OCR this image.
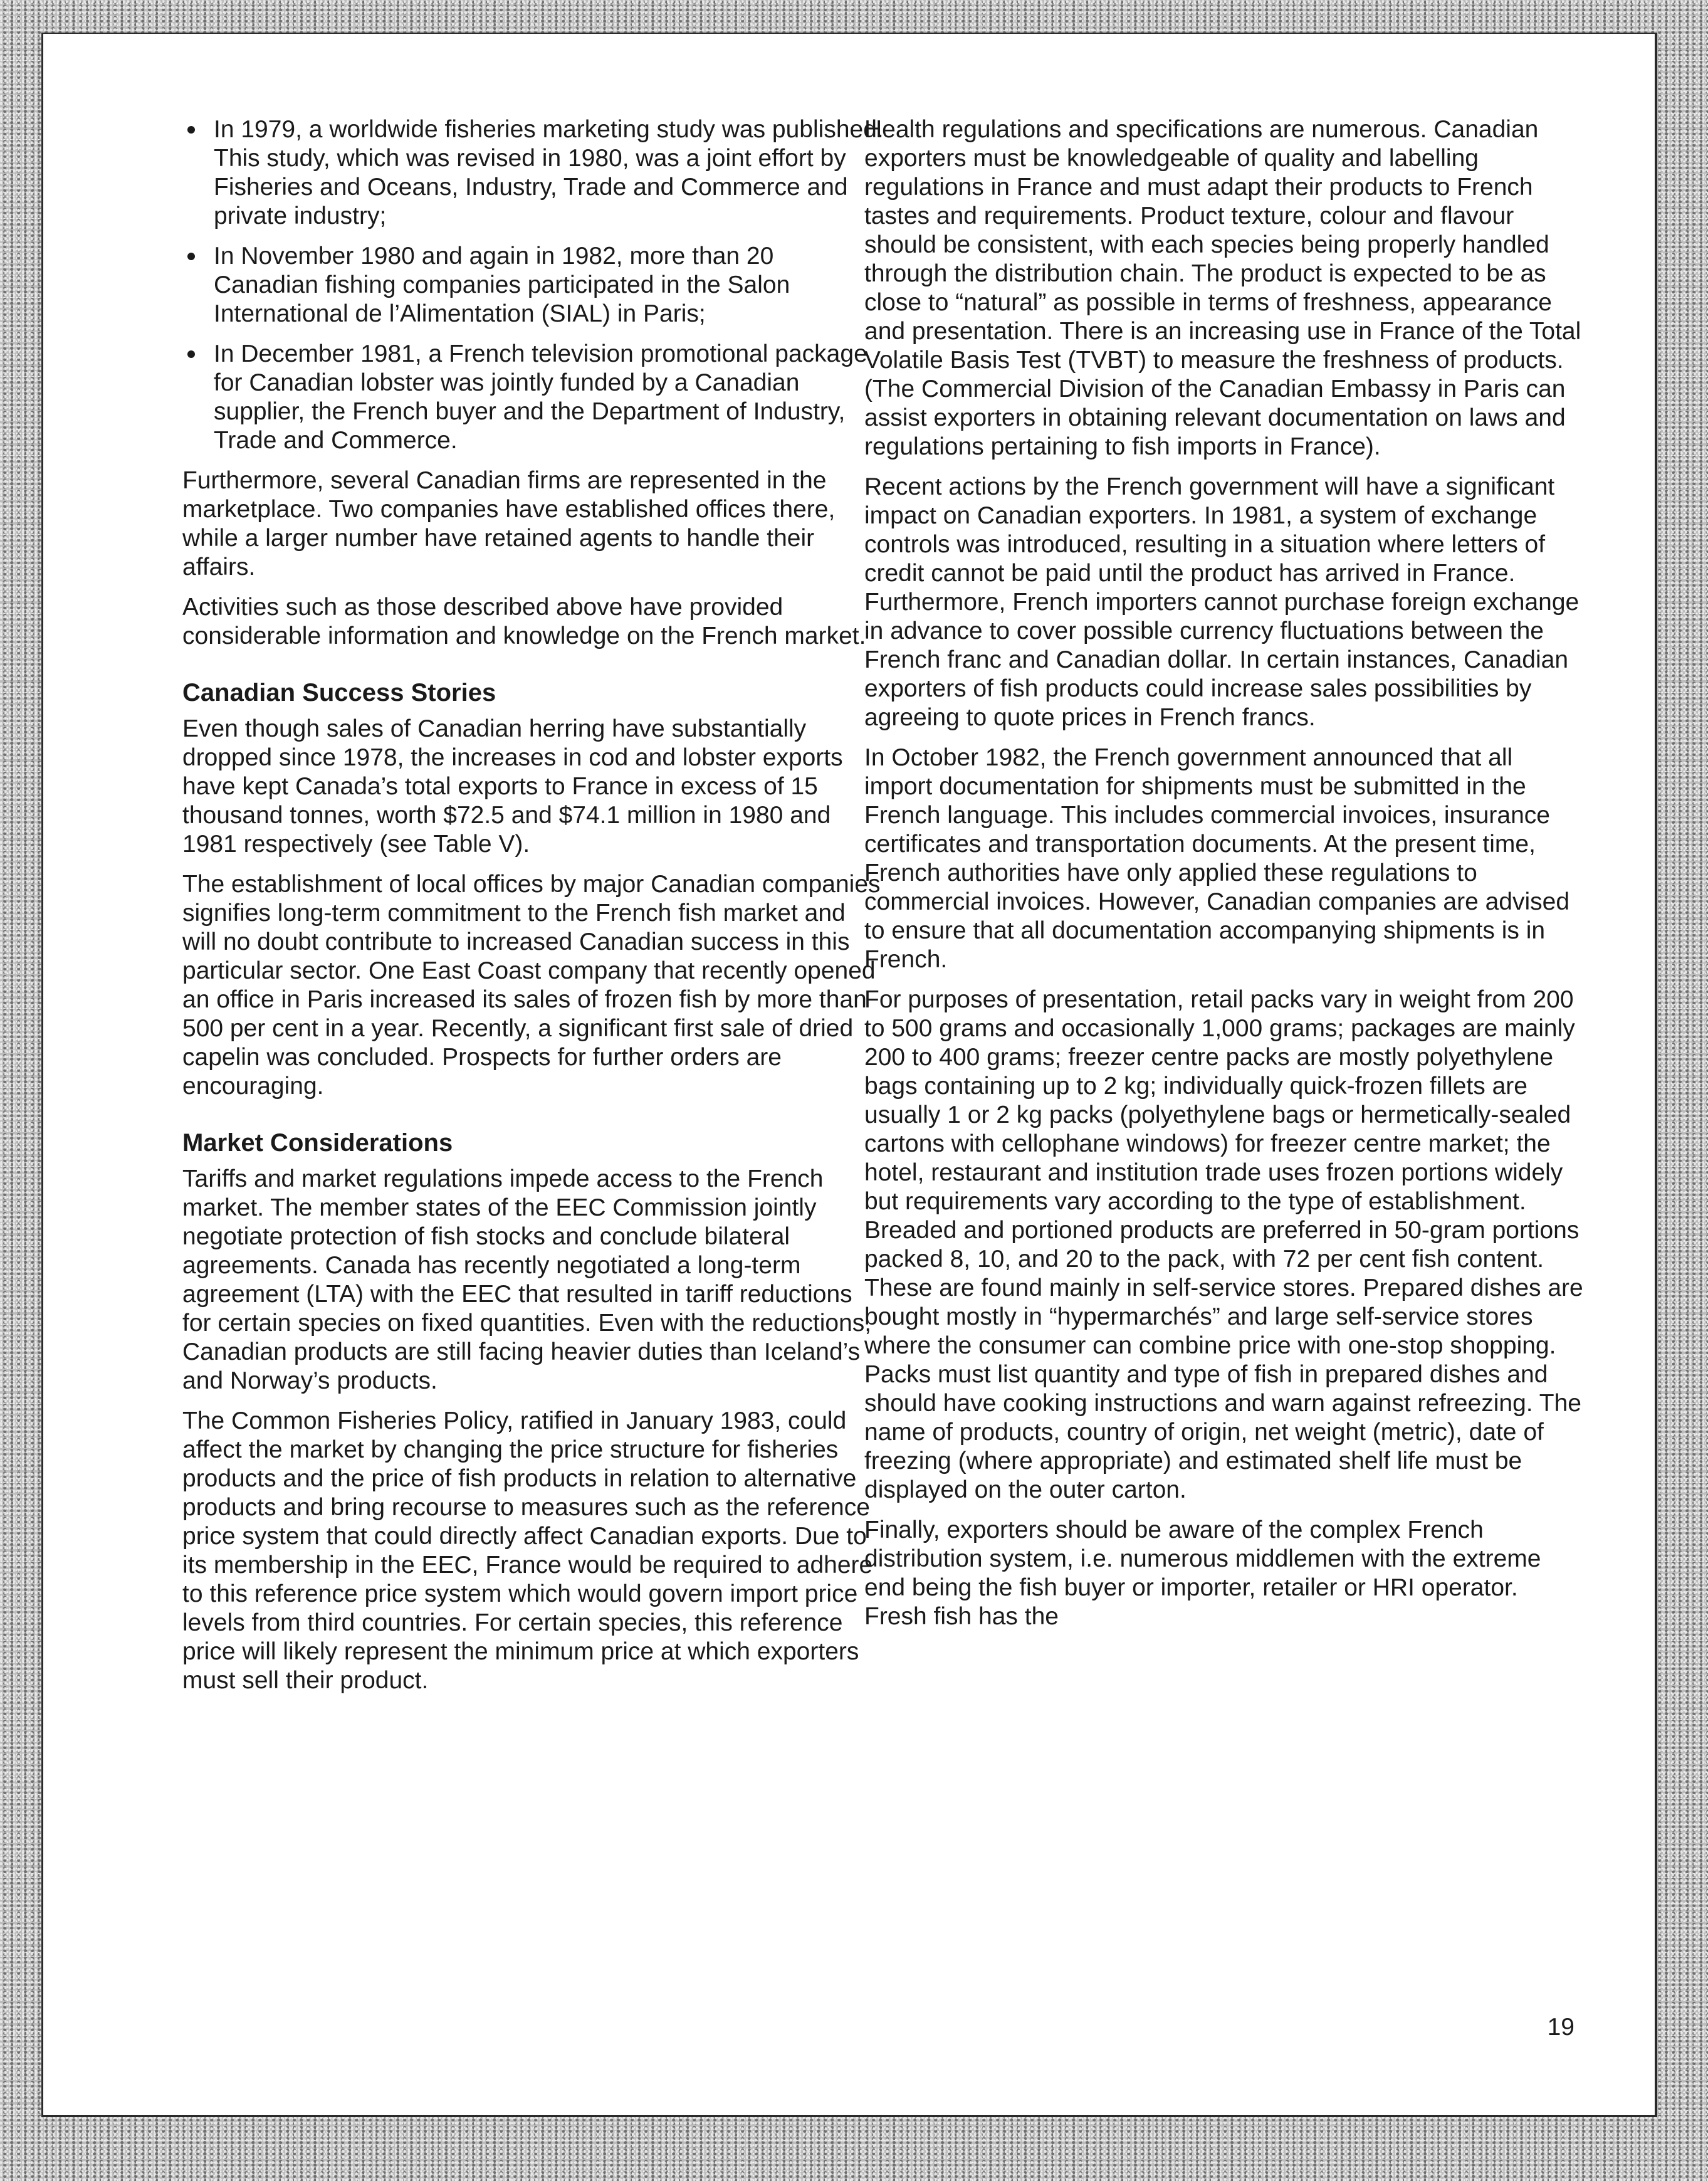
In 1979, a worldwide fisheries marketing study was published. This study, which was revised in 1980, was a joint effort by Fisheries and Oceans, Industry, Trade and Commerce and private industry;
In November 1980 and again in 1982, more than 20 Canadian fishing companies participated in the Salon International de l’Alimentation (SIAL) in Paris;
In December 1981, a French television promotional package for Canadian lobster was jointly funded by a Canadian supplier, the French buyer and the Department of Industry, Trade and Commerce.

Furthermore, several Canadian firms are represented in the marketplace. Two companies have established offices there, while a larger number have retained agents to handle their affairs.

Activities such as those described above have provided considerable information and knowledge on the French market.

Canadian Success Stories

Even though sales of Canadian herring have substantially dropped since 1978, the increases in cod and lobster exports have kept Canada’s total exports to France in excess of 15 thousand tonnes, worth $72.5 and $74.1 million in 1980 and 1981 respectively (see Table V).

The establishment of local offices by major Canadian companies signifies long-term commitment to the French fish market and will no doubt contribute to increased Canadian success in this particular sector. One East Coast company that recently opened an office in Paris increased its sales of frozen fish by more than 500 per cent in a year. Recently, a significant first sale of dried capelin was concluded. Prospects for further orders are encouraging.

Market Considerations

Tariffs and market regulations impede access to the French market. The member states of the EEC Commission jointly negotiate protection of fish stocks and conclude bilateral agreements. Canada has recently negotiated a long-term agreement (LTA) with the EEC that resulted in tariff reductions for certain species on fixed quantities. Even with the reductions, Canadian products are still facing heavier duties than Iceland’s and Norway’s products.

The Common Fisheries Policy, ratified in January 1983, could affect the market by changing the price structure for fisheries products and the price of fish products in relation to alternative products and bring recourse to measures such as the reference price system that could directly affect Canadian exports. Due to its membership in the EEC, France would be required to adhere to this reference price system which would govern import price levels from third countries. For certain species, this reference price will likely represent the minimum price at which exporters must sell their product.

Health regulations and specifications are numerous. Canadian exporters must be knowledgeable of quality and labelling regulations in France and must adapt their products to French tastes and requirements. Product texture, colour and flavour should be consistent, with each species being properly handled through the distribution chain. The product is expected to be as close to “natural” as possible in terms of freshness, appearance and presentation. There is an increasing use in France of the Total Volatile Basis Test (TVBT) to measure the freshness of products. (The Commercial Division of the Canadian Embassy in Paris can assist exporters in obtaining relevant documentation on laws and regulations pertaining to fish imports in France).

Recent actions by the French government will have a significant impact on Canadian exporters. In 1981, a system of exchange controls was introduced, resulting in a situation where letters of credit cannot be paid until the product has arrived in France. Furthermore, French importers cannot purchase foreign exchange in advance to cover possible currency fluctuations between the French franc and Canadian dollar. In certain instances, Canadian exporters of fish products could increase sales possibilities by agreeing to quote prices in French francs.

In October 1982, the French government announced that all import documentation for shipments must be submitted in the French language. This includes commercial invoices, insurance certificates and transportation documents. At the present time, French authorities have only applied these regulations to commercial invoices. However, Canadian companies are advised to ensure that all documentation accompanying shipments is in French.

For purposes of presentation, retail packs vary in weight from 200 to 500 grams and occasionally 1,000 grams; packages are mainly 200 to 400 grams; freezer centre packs are mostly polyethylene bags containing up to 2 kg; individually quick-frozen fillets are usually 1 or 2 kg packs (polyethylene bags or hermetically-sealed cartons with cellophane windows) for freezer centre market; the hotel, restaurant and institution trade uses frozen portions widely but requirements vary according to the type of establishment. Breaded and portioned products are preferred in 50-gram portions packed 8, 10, and 20 to the pack, with 72 per cent fish content. These are found mainly in self-service stores. Prepared dishes are bought mostly in “hypermarchés” and large self-service stores where the consumer can combine price with one-stop shopping. Packs must list quantity and type of fish in prepared dishes and should have cooking instructions and warn against refreezing. The name of products, country of origin, net weight (metric), date of freezing (where appropriate) and estimated shelf life must be displayed on the outer carton.

Finally, exporters should be aware of the complex French distribution system, i.e. numerous middlemen with the extreme end being the fish buyer or importer, retailer or HRI operator. Fresh fish has the

19
